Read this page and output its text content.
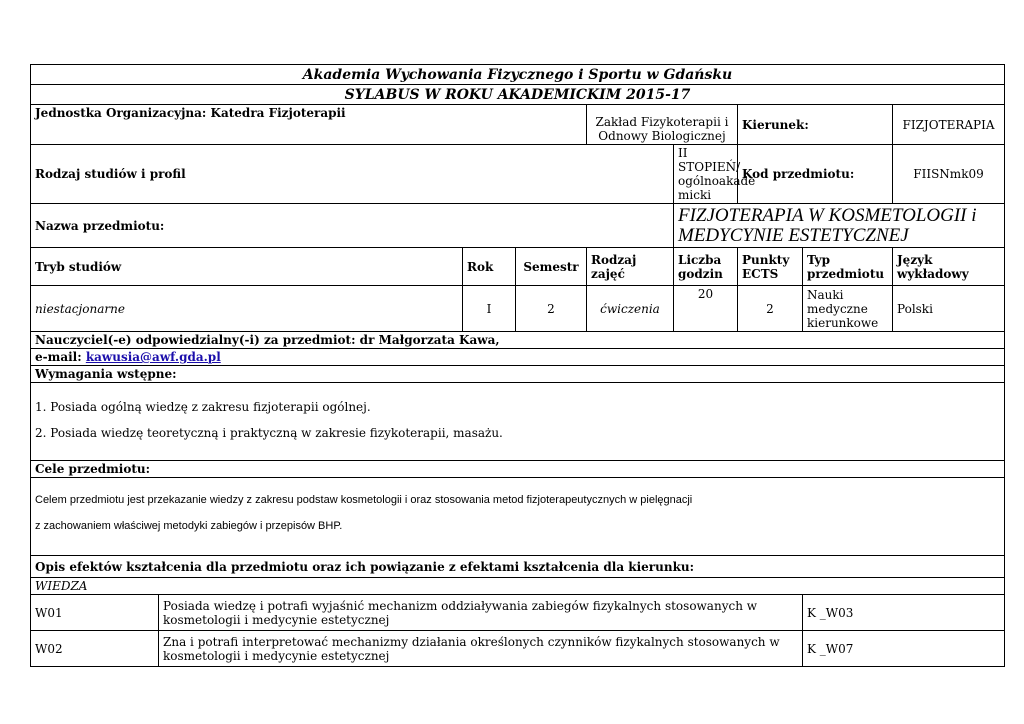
Akademia Wychowania Fizycznego i Sportu w Gdańsku								
SYLABUS W ROKU AKADEMICKIM 2015-17								
Jednostka Organizacyjna: Katedra Fizjoterapii				Zakład Fizykoterapii i Odnowy Biologicznej		Kierunek:		FIZJOTERAPIA
Rodzaj studiów i profil					II STOPIEŃ/ ogólnoakade micki	Kod przedmiotu:		FIISNmk09
Nazwa przedmiotu:					FIZJOTERAPIA W KOSMETOLOGII i MEDYCYNIE ESTETYCZNEJ			
Tryb studiów		Rok	Semestr	Rodzaj zajęć	Liczba godzin	Punkty ECTS	Typ przedmiotu	Język wykładowy
niestacjonarne		I	2	ćwiczenia	20	2	Nauki medyczne kierunkowe	Polski
Nauczyciel(-e) odpowiedzialny(-i) za przedmiot: dr Małgorzata Kawa,								
e-mail: kawusia@awf.gda.pl								
Wymagania wstępne:								

1. Posiada ogólną wiedzę z zakresu fizjoterapii ogólnej.
2. Posiada wiedzę teoretyczną i praktyczną w zakresie fizykoterapii, masażu.								

Cele przedmiotu:								

Celem przedmiotu jest przekazanie wiedzy z zakresu podstaw kosmetologii i oraz stosowania metod fizjoterapeutycznych w pielęgnacji
z zachowaniem właściwej metodyki zabiegów i przepisów BHP.								

Opis efektów kształcenia dla przedmiotu oraz ich powiązanie z efektami kształcenia dla kierunku:								
WIEDZA								
W01	Posiada wiedzę i potrafi wyjaśnić mechanizm oddziaływania zabiegów fizykalnych stosowanych w kosmetologii i medycynie estetycznej						K _W03	
W02	Zna i potrafi interpretować mechanizmy działania określonych czynników fizykalnych stosowanych w kosmetologii i medycynie estetycznej						K _W07	
